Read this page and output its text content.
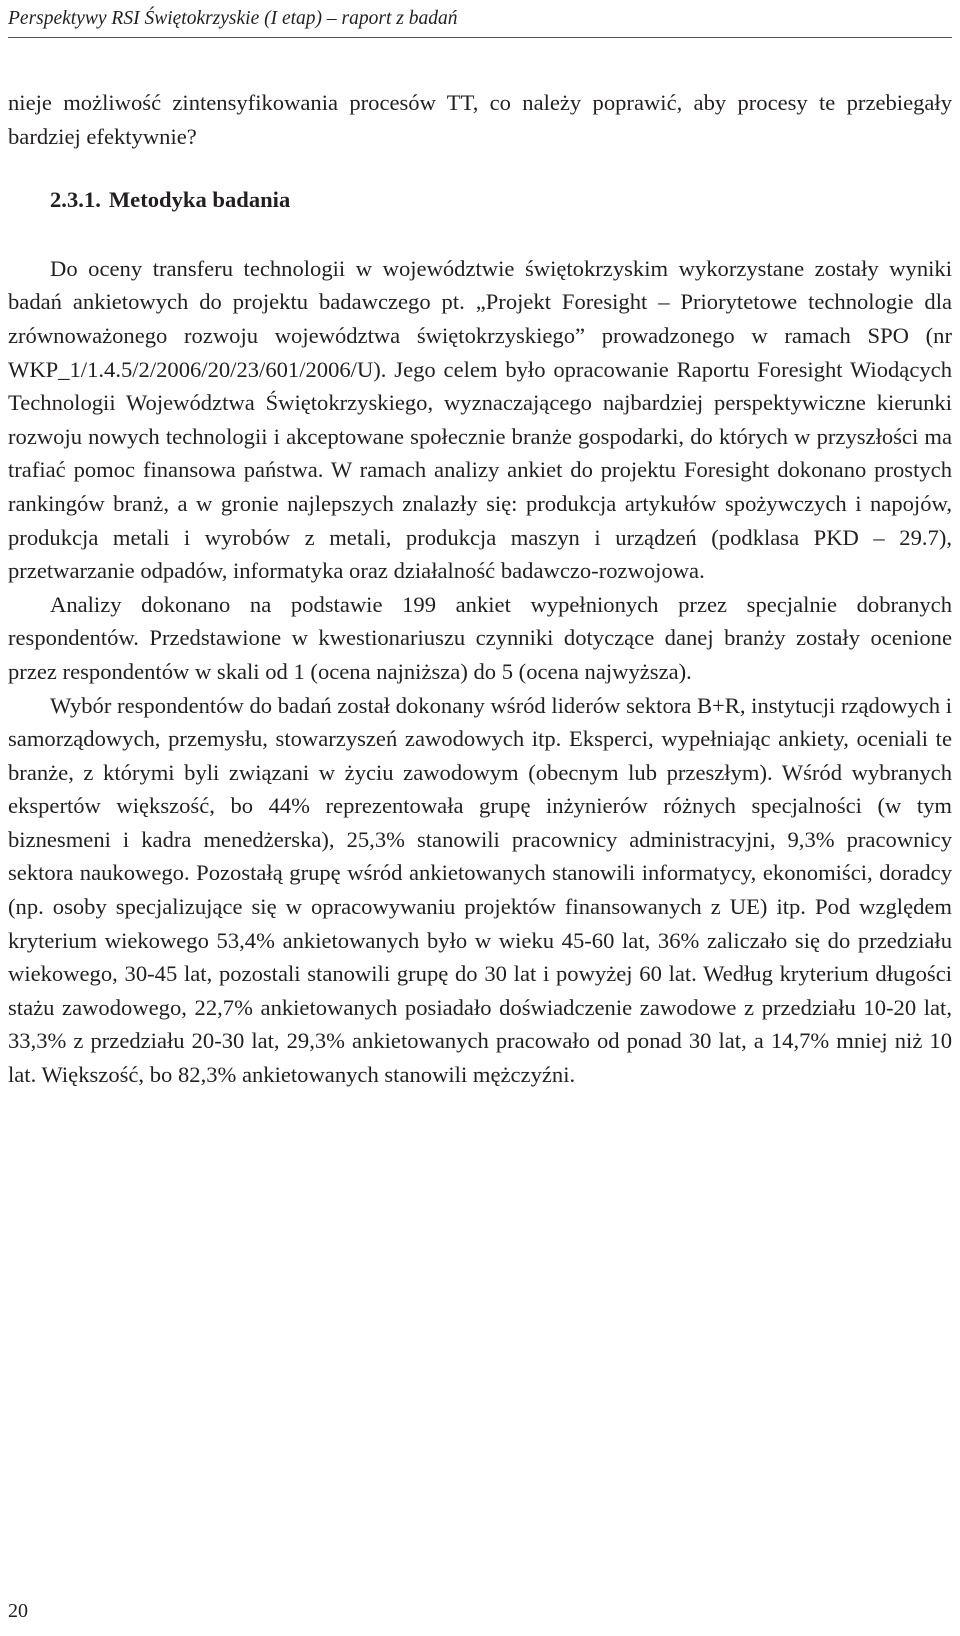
Perspektywy RSI Świętokrzyskie (I etap) – raport z badań

nieje możliwość zintensyfikowania procesów TT, co należy poprawić, aby procesy te przebiegały bardziej efektywnie?

2.3.1. Metodyka badania

Do oceny transferu technologii w województwie świętokrzyskim wykorzystane zostały wyniki badań ankietowych do projektu badawczego pt. „Projekt Foresight – Priorytetowe technologie dla zrównoważonego rozwoju województwa świętokrzyskiego” prowadzonego w ramach SPO (nr WKP_1/1.4.5/2/2006/20/23/601/2006/U). Jego celem było opracowanie Raportu Foresight Wiodących Technologii Województwa Świętokrzyskiego, wyznaczającego najbardziej perspektywiczne kierunki rozwoju nowych technologii i akceptowane społecznie branże gospodarki, do których w przyszłości ma trafiać pomoc finansowa państwa. W ramach analizy ankiet do projektu Foresight dokonano prostych rankingów branż, a w gronie najlepszych znalazły się: produkcja artykułów spożywczych i napojów, produkcja metali i wyrobów z metali, produkcja maszyn i urządzeń (podklasa PKD – 29.7), przetwarzanie odpadów, informatyka oraz działalność badawczo-rozwojowa.

Analizy dokonano na podstawie 199 ankiet wypełnionych przez specjalnie dobranych respondentów. Przedstawione w kwestionariuszu czynniki dotyczące danej branży zostały ocenione przez respondentów w skali od 1 (ocena najniższa) do 5 (ocena najwyższa).

Wybór respondentów do badań został dokonany wśród liderów sektora B+R, instytucji rządowych i samorządowych, przemysłu, stowarzyszeń zawodowych itp. Eksperci, wypełniając ankiety, oceniali te branże, z którymi byli związani w życiu zawodowym (obecnym lub przeszłym). Wśród wybranych ekspertów większość, bo 44% reprezentowała grupę inżynierów różnych specjalności (w tym biznesmeni i kadra menedżerska), 25,3% stanowili pracownicy administracyjni, 9,3% pracownicy sektora naukowego. Pozostałą grupę wśród ankietowanych stanowili informatycy, ekonomiści, doradcy (np. osoby specjalizujące się w opracowywaniu projektów finansowanych z UE) itp. Pod względem kryterium wiekowego 53,4% ankietowanych było w wieku 45-60 lat, 36% zaliczało się do przedziału wiekowego, 30-45 lat, pozostali stanowili grupę do 30 lat i powyżej 60 lat. Według kryterium długości stażu zawodowego, 22,7% ankietowanych posiadało doświadczenie zawodowe z przedziału 10-20 lat, 33,3% z przedziału 20-30 lat, 29,3% ankietowanych pracowało od ponad 30 lat, a 14,7% mniej niż 10 lat. Większość, bo 82,3% ankietowanych stanowili mężczyźni.

20
